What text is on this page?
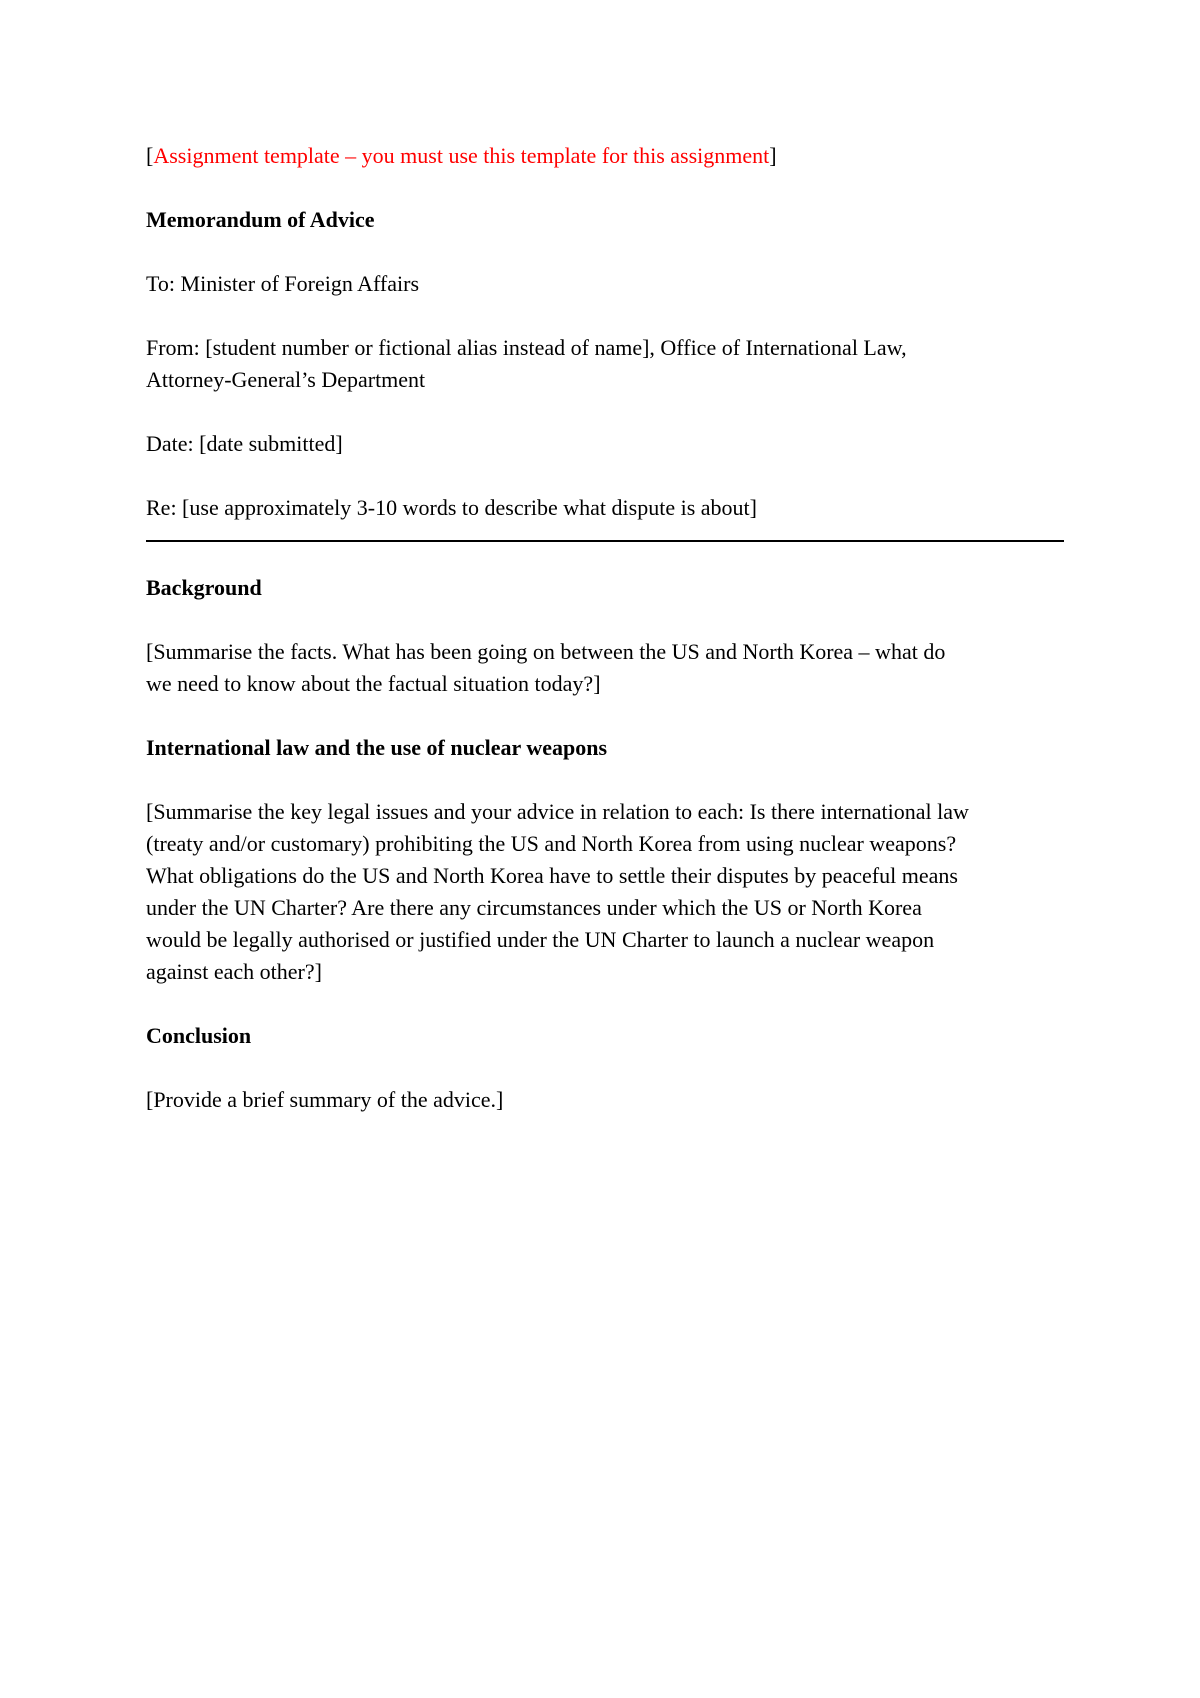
[Assignment template – you must use this template for this assignment]

Memorandum of Advice

To: Minister of Foreign Affairs

From: [student number or fictional alias instead of name], Office of International Law,

Attorney-General’s Department

Date: [date submitted]

Re: [use approximately 3-10 words to describe what dispute is about]

Background

[Summarise the facts. What has been going on between the US and North Korea – what do

we need to know about the factual situation today?]

International law and the use of nuclear weapons

[Summarise the key legal issues and your advice in relation to each: Is there international law

(treaty and/or customary) prohibiting the US and North Korea from using nuclear weapons?

What obligations do the US and North Korea have to settle their disputes by peaceful means

under the UN Charter? Are there any circumstances under which the US or North Korea

would be legally authorised or justified under the UN Charter to launch a nuclear weapon

against each other?]

Conclusion

[Provide a brief summary of the advice.]
